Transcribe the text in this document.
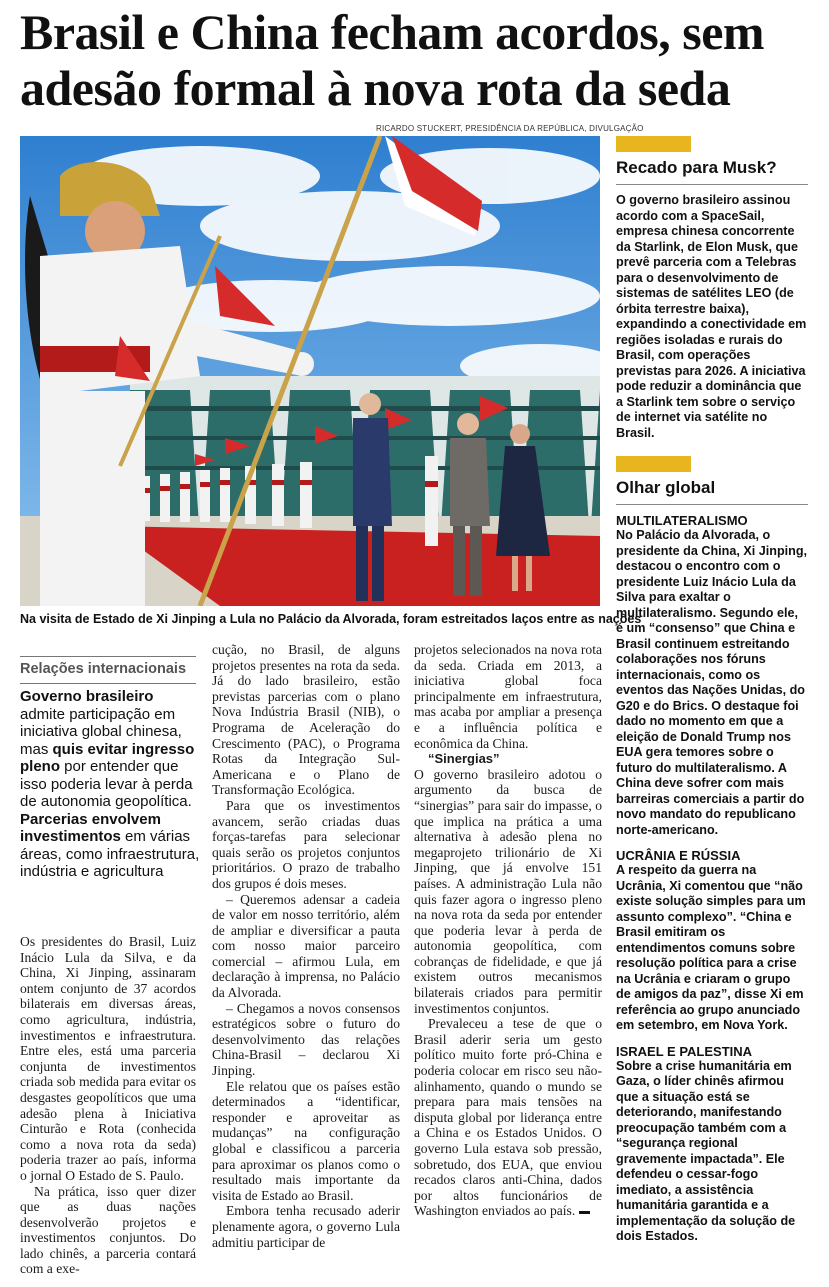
Brasil e China fecham acordos, sem adesão formal à nova rota da seda
RICARDO STUCKERT, PRESIDÊNCIA DA REPÚBLICA, DIVULGAÇÃO
Na visita de Estado de Xi Jinping a Lula no Palácio da Alvorada, foram estreitados laços entre as nações
Relações internacionais
Governo brasileiro admite participação em iniciativa global chinesa, mas quis evitar ingresso pleno por entender que isso poderia levar à perda de autonomia geopolítica. Parcerias envolvem investimentos em várias áreas, como infraestrutura, indústria e agricultura

Os presidentes do Brasil, Luiz Inácio Lula da Silva, e da China, Xi Jinping, assinaram ontem conjunto de 37 acordos bilaterais em diversas áreas, como agricultura, indústria, investimentos e infraestrutura. Entre eles, está uma parceria conjunta de investimentos criada sob medida para evitar os desgastes geopolíticos que uma adesão plena à Iniciativa Cinturão e Rota (conhecida como a nova rota da seda) poderia trazer ao país, informa o jornal O Estado de S. Paulo.

Na prática, isso quer dizer que as duas nações desenvolverão projetos e investimentos conjuntos. Do lado chinês, a parceria contará com a exe-

cução, no Brasil, de alguns projetos presentes na rota da seda. Já do lado brasileiro, estão previstas parcerias com o plano Nova Indústria Brasil (NIB), o Programa de Aceleração do Crescimento (PAC), o Programa Rotas da Integração Sul-Americana e o Plano de Transformação Ecológica.

Para que os investimentos avancem, serão criadas duas forças-tarefas para selecionar quais serão os projetos conjuntos prioritários. O prazo de trabalho dos grupos é dois meses.

– Queremos adensar a cadeia de valor em nosso território, além de ampliar e diversificar a pauta com nosso maior parceiro comercial – afirmou Lula, em declaração à imprensa, no Palácio da Alvorada.

– Chegamos a novos consensos estratégicos sobre o futuro do desenvolvimento das relações China-Brasil – declarou Xi Jinping.

Ele relatou que os países estão determinados a “identificar, responder e aproveitar as mudanças” na configuração global e classificou a parceria para aproximar os planos como o resultado mais importante da visita de Estado ao Brasil.

Embora tenha recusado aderir plenamente agora, o governo Lula admitiu participar de

projetos selecionados na nova rota da seda. Criada em 2013, a iniciativa global foca principalmente em infraestrutura, mas acaba por ampliar a presença e a influência política e econômica da China.

“Sinergias”

O governo brasileiro adotou o argumento da busca de “sinergias” para sair do impasse, o que implica na prática a uma alternativa à adesão plena no megaprojeto trilionário de Xi Jinping, que já envolve 151 países. A administração Lula não quis fazer agora o ingresso pleno na nova rota da seda por entender que poderia levar à perda de autonomia geopolítica, com cobranças de fidelidade, e que já existem outros mecanismos bilaterais criados para permitir investimentos conjuntos.

Prevaleceu a tese de que o Brasil aderir seria um gesto político muito forte pró-China e poderia colocar em risco seu não-alinhamento, quando o mundo se prepara para mais tensões na disputa global por liderança entre a China e os Estados Unidos. O governo Lula estava sob pressão, sobretudo, dos EUA, que enviou recados claros anti-China, dados por altos funcionários de Washington enviados ao país.

Recado para Musk?

O governo brasileiro assinou acordo com a SpaceSail, empresa chinesa concorrente da Starlink, de Elon Musk, que prevê parceria com a Telebras para o desenvolvimento de sistemas de satélites LEO (de órbita terrestre baixa), expandindo a conectividade em regiões isoladas e rurais do Brasil, com operações previstas para 2026. A iniciativa pode reduzir a dominância que a Starlink tem sobre o serviço de internet via satélite no Brasil.

Olhar global
MULTILATERALISMO

No Palácio da Alvorada, o presidente da China, Xi Jinping, destacou o encontro com o presidente Luiz Inácio Lula da Silva para exaltar o multilateralismo. Segundo ele, é um “consenso” que China e Brasil continuem estreitando colaborações nos fóruns internacionais, como os eventos das Nações Unidas, do G20 e do Brics. O destaque foi dado no momento em que a eleição de Donald Trump nos EUA gera temores sobre o futuro do multilateralismo. A China deve sofrer com mais barreiras comerciais a partir do novo mandato do republicano norte-americano.

UCRÂNIA E RÚSSIA

A respeito da guerra na Ucrânia, Xi comentou que “não existe solução simples para um assunto complexo”. “China e Brasil emitiram os entendimentos comuns sobre resolução política para a crise na Ucrânia e criaram o grupo de amigos da paz”, disse Xi em referência ao grupo anunciado em setembro, em Nova York.

ISRAEL E PALESTINA

Sobre a crise humanitária em Gaza, o líder chinês afirmou que a situação está se deteriorando, manifestando preocupação também com a “segurança regional gravemente impactada”. Ele defendeu o cessar-fogo imediato, a assistência humanitária garantida e a implementação da solução de dois Estados.
